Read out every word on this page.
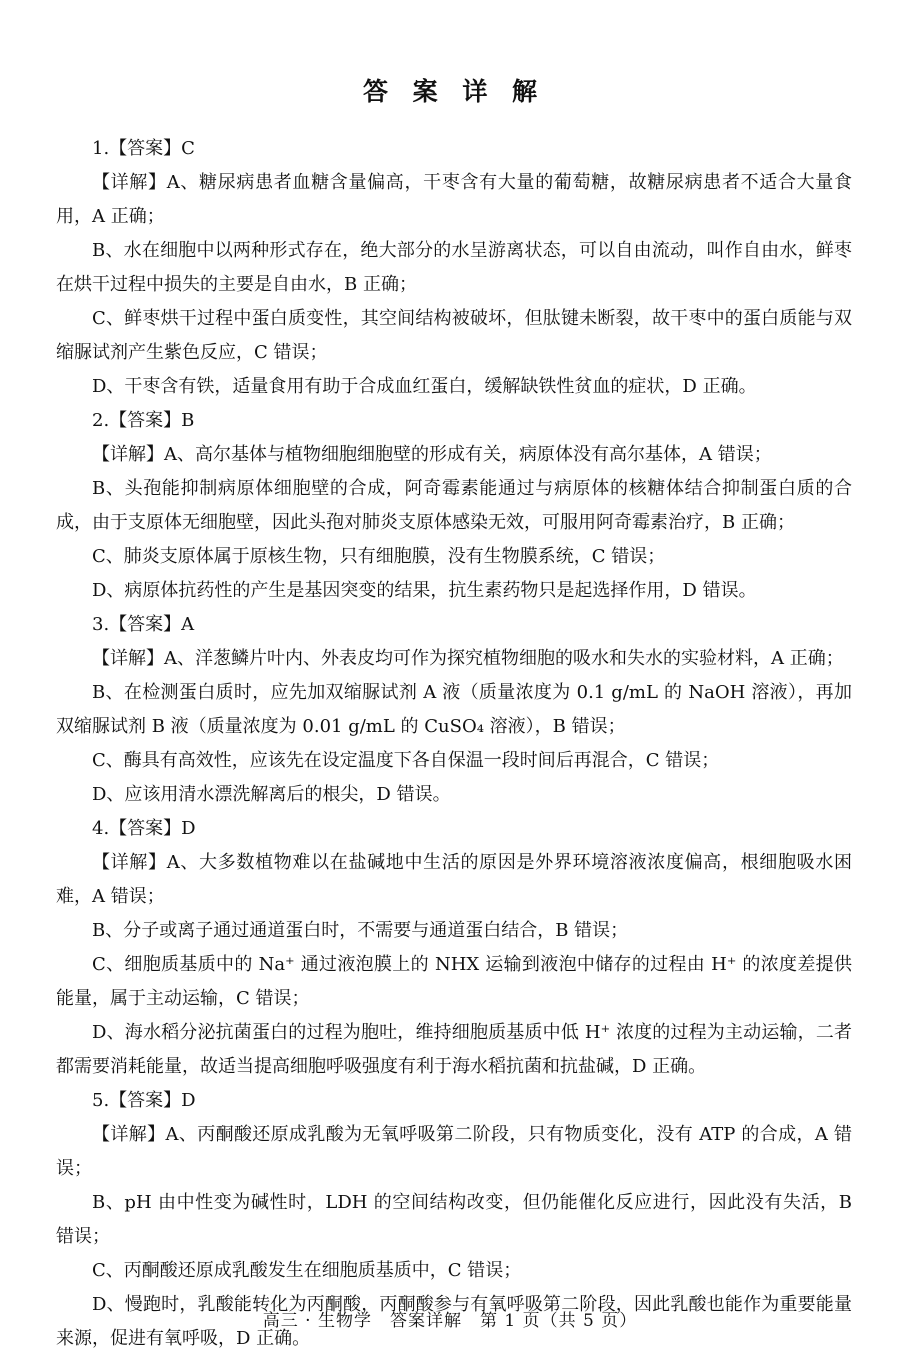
答 案 详 解
1.【答案】C

【详解】A、糖尿病患者血糖含量偏高，干枣含有大量的葡萄糖，故糖尿病患者不适合大量食用，A 正确；

B、水在细胞中以两种形式存在，绝大部分的水呈游离状态，可以自由流动，叫作自由水，鲜枣在烘干过程中损失的主要是自由水，B 正确；

C、鲜枣烘干过程中蛋白质变性，其空间结构被破坏，但肽键未断裂，故干枣中的蛋白质能与双缩脲试剂产生紫色反应，C 错误；

D、干枣含有铁，适量食用有助于合成血红蛋白，缓解缺铁性贫血的症状，D 正确。

2.【答案】B

【详解】A、高尔基体与植物细胞细胞壁的形成有关，病原体没有高尔基体，A 错误；

B、头孢能抑制病原体细胞壁的合成，阿奇霉素能通过与病原体的核糖体结合抑制蛋白质的合成，由于支原体无细胞壁，因此头孢对肺炎支原体感染无效，可服用阿奇霉素治疗，B 正确；

C、肺炎支原体属于原核生物，只有细胞膜，没有生物膜系统，C 错误；

D、病原体抗药性的产生是基因突变的结果，抗生素药物只是起选择作用，D 错误。

3.【答案】A

【详解】A、洋葱鳞片叶内、外表皮均可作为探究植物细胞的吸水和失水的实验材料，A 正确；

B、在检测蛋白质时，应先加双缩脲试剂 A 液（质量浓度为 0.1 g/mL 的 NaOH 溶液），再加双缩脲试剂 B 液（质量浓度为 0.01 g/mL 的 CuSO₄ 溶液），B 错误；

C、酶具有高效性，应该先在设定温度下各自保温一段时间后再混合，C 错误；

D、应该用清水漂洗解离后的根尖，D 错误。

4.【答案】D

【详解】A、大多数植物难以在盐碱地中生活的原因是外界环境溶液浓度偏高，根细胞吸水困难，A 错误；

B、分子或离子通过通道蛋白时，不需要与通道蛋白结合，B 错误；

C、细胞质基质中的 Na⁺ 通过液泡膜上的 NHX 运输到液泡中储存的过程由 H⁺ 的浓度差提供能量，属于主动运输，C 错误；

D、海水稻分泌抗菌蛋白的过程为胞吐，维持细胞质基质中低 H⁺ 浓度的过程为主动运输，二者都需要消耗能量，故适当提高细胞呼吸强度有利于海水稻抗菌和抗盐碱，D 正确。

5.【答案】D

【详解】A、丙酮酸还原成乳酸为无氧呼吸第二阶段，只有物质变化，没有 ATP 的合成，A 错误；

B、pH 由中性变为碱性时，LDH 的空间结构改变，但仍能催化反应进行，因此没有失活，B 错误；

C、丙酮酸还原成乳酸发生在细胞质基质中，C 错误；

D、慢跑时，乳酸能转化为丙酮酸，丙酮酸参与有氧呼吸第二阶段，因此乳酸也能作为重要能量来源，促进有氧呼吸，D 正确。

高三 · 生物学　答案详解　第 1 页（共 5 页）
